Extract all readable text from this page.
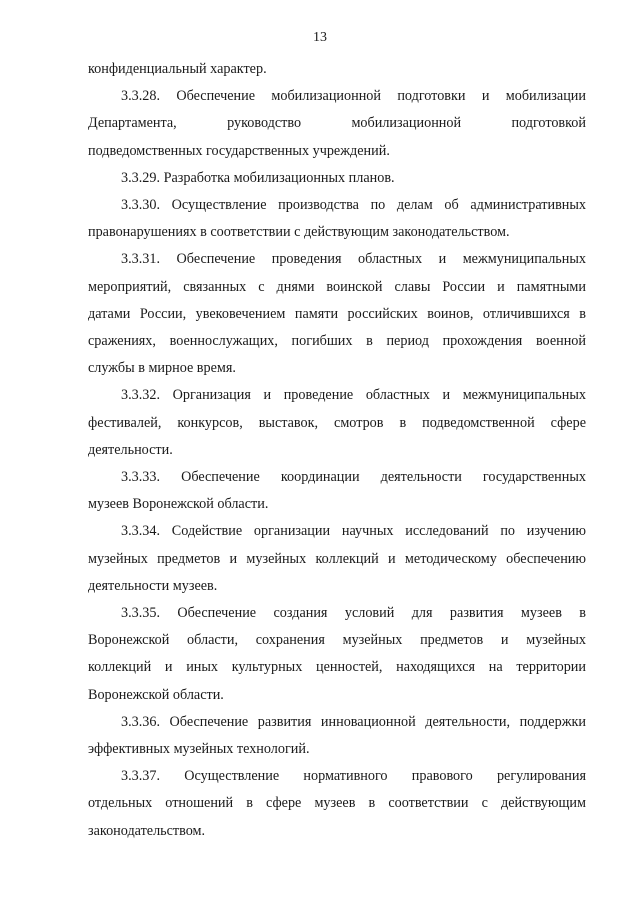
13
конфиденциальный характер.
3.3.28. Обеспечение мобилизационной подготовки и мобилизации
Департамента, руководство мобилизационной подготовкой
подведомственных государственных учреждений.
3.3.29. Разработка мобилизационных планов.
3.3.30. Осуществление производства по делам об административных
правонарушениях в соответствии с действующим законодательством.
3.3.31. Обеспечение проведения областных и межмуниципальных
мероприятий, связанных с днями воинской славы России и памятными
датами России, увековечением памяти российских воинов, отличившихся в
сражениях, военнослужащих, погибших в период прохождения военной
службы в мирное время.
3.3.32. Организация и проведение областных и межмуниципальных
фестивалей, конкурсов, выставок, смотров в подведомственной сфере
деятельности.
3.3.33. Обеспечение координации деятельности государственных
музеев Воронежской области.
3.3.34. Содействие организации научных исследований по изучению
музейных предметов и музейных коллекций и методическому обеспечению
деятельности музеев.
3.3.35. Обеспечение создания условий для развития музеев в
Воронежской области, сохранения музейных предметов и музейных
коллекций и иных культурных ценностей, находящихся на территории
Воронежской области.
3.3.36. Обеспечение развития инновационной деятельности, поддержки
эффективных музейных технологий.
3.3.37. Осуществление нормативного правового регулирования
отдельных отношений в сфере музеев в соответствии с действующим
законодательством.
